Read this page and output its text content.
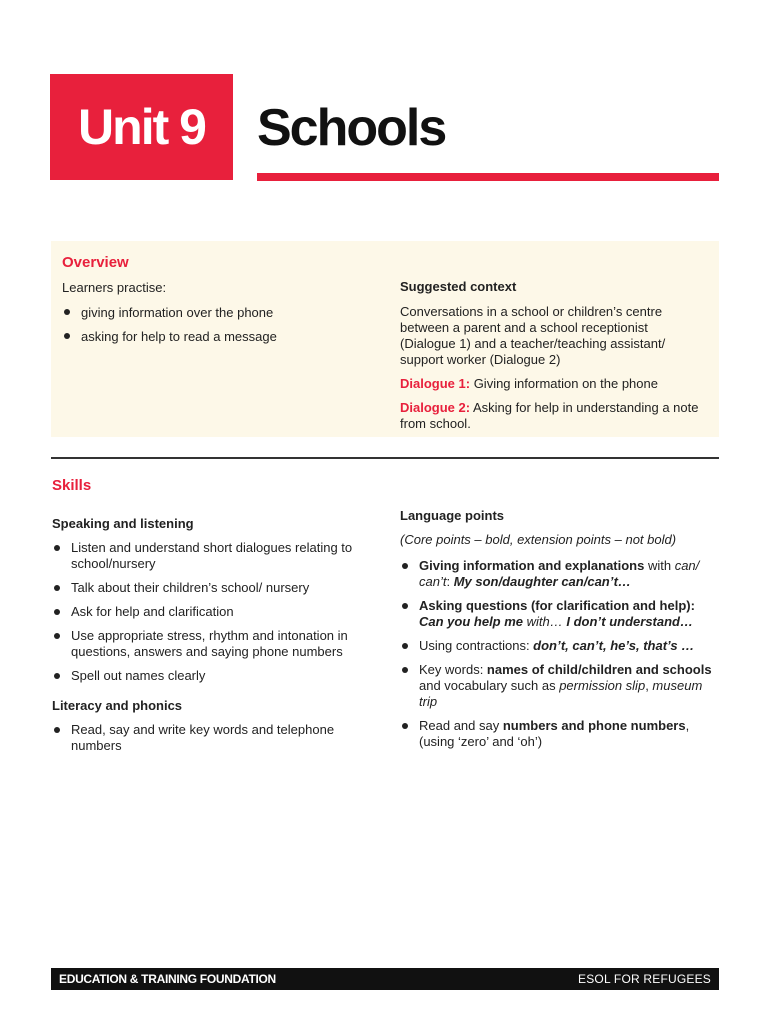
Unit 9 Schools
Overview

Learners practise:

giving information over the phone
asking for help to read a message

Suggested context

Conversations in a school or children’s centre between a parent and a school receptionist (Dialogue 1) and a teacher/teaching assistant/ support worker (Dialogue 2)

Dialogue 1: Giving information on the phone

Dialogue 2: Asking for help in understanding a note from school.

Skills
Speaking and listening
Listen and understand short dialogues relating to school/nursery
Talk about their children’s school/ nursery
Ask for help and clarification
Use appropriate stress, rhythm and intonation in questions, answers and saying phone numbers
Spell out names clearly
Literacy and phonics
Read, say and write key words and telephone numbers
Language points
(Core points – bold, extension points – not bold)
Giving information and explanations with can/ can’t: My son/daughter can/can’t…
Asking questions (for clarification and help): Can you help me with… I don’t understand…
Using contractions: don’t, can’t, he’s, that’s …
Key words: names of child/children and schools and vocabulary such as permission slip, museum trip
Read and say numbers and phone numbers, (using ‘zero’ and ‘oh’)
EDUCATION & TRAINING FOUNDATION	ESOL FOR REFUGEES
